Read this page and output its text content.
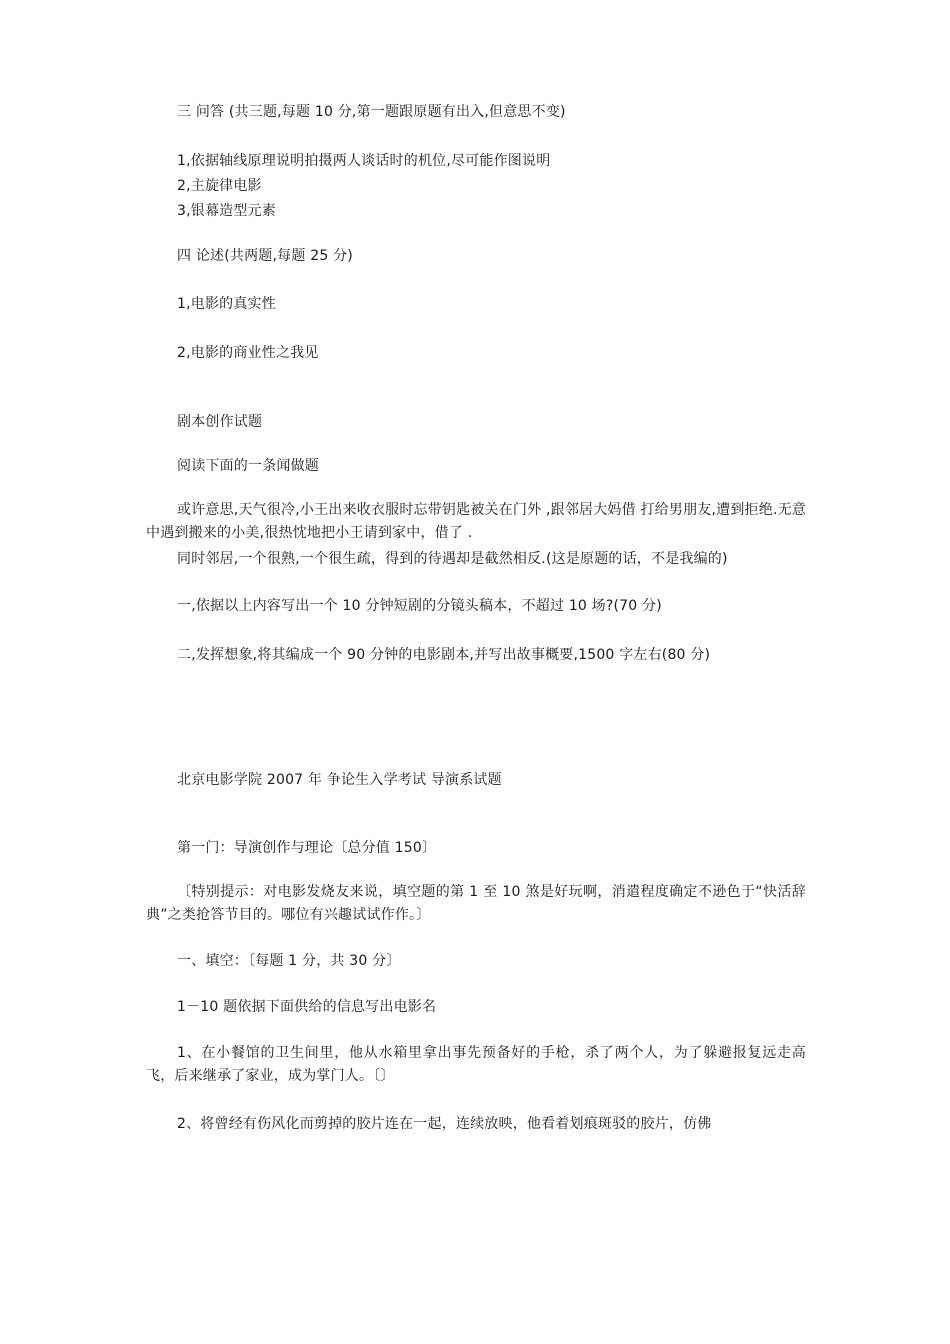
三 问答 (共三题,每题 10 分,第一题跟原题有出入,但意思不变)
1,依据轴线原理说明拍摄两人谈话时的机位,尽可能作图说明
2,主旋律电影
3,银幕造型元素
四 论述(共两题,每题 25 分)
1,电影的真实性
2,电影的商业性之我见
剧本创作试题
阅读下面的一条闻做题
或许意思,天气很冷,小王出来收衣服时忘带钥匙被关在门外 ,跟邻居大妈借 打给男朋友,遭到拒绝.无意中遇到搬来的小美,很热忱地把小王请到家中，借了 .
同时邻居,一个很熟,一个很生疏，得到的待遇却是截然相反.(这是原题的话，不是我编的)
一,依据以上内容写出一个 10 分钟短剧的分镜头稿本，不超过 10 场?(70 分)
二,发挥想象,将其编成一个 90 分钟的电影剧本,并写出故事概要,1500 字左右(80 分)
北京电影学院 2007 年 争论生入学考试 导演系试题
第一门：导演创作与理论〔总分值 150〕
〔特别提示：对电影发烧友来说，填空题的第 1 至 10 煞是好玩啊，消遣程度确定不逊色于“快活辞典”之类抢答节目的。哪位有兴趣试试作作。〕
一、填空：〔每题 1 分，共 30 分〕
1－10 题依据下面供给的信息写出电影名
1、在小餐馆的卫生间里，他从水箱里拿出事先预备好的手枪，杀了两个人，为了躲避报复远走高飞，后来继承了家业，成为掌门人。〔〕
2、将曾经有伤风化而剪掉的胶片连在一起，连续放映，他看着划痕斑驳的胶片，仿佛
